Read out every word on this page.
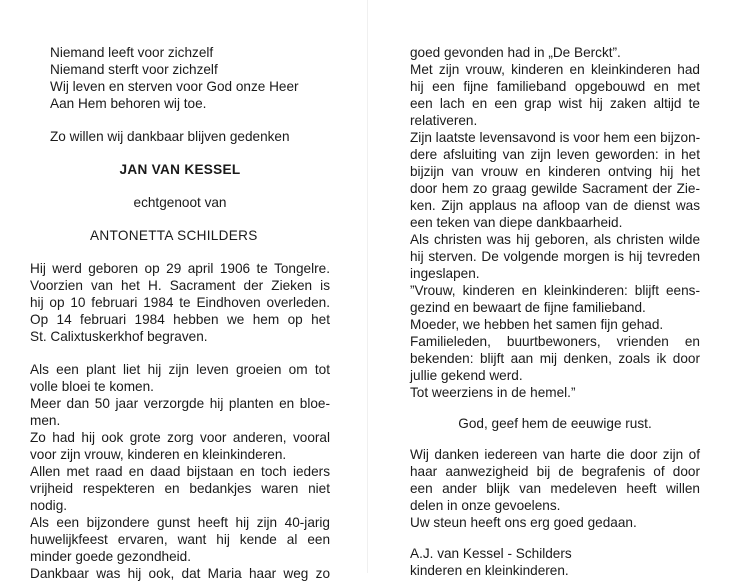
Niemand leeft voor zichzelf
Niemand sterft voor zichzelf
Wij leven en sterven voor God onze Heer
Aan Hem behoren wij toe.
Zo willen wij dankbaar blijven gedenken
JAN VAN KESSEL
echtgenoot van
ANTONETTA SCHILDERS
Hij werd geboren op 29 april 1906 te Tongelre.
Voorzien van het H. Sacrament der Zieken is
hij op 10 februari 1984 te Eindhoven overleden.
Op 14 februari 1984 hebben we hem op het
St. Calixtuskerkhof begraven.
Als een plant liet hij zijn leven groeien om tot
volle bloei te komen.
Meer dan 50 jaar verzorgde hij planten en bloe-
men.
Zo had hij ook grote zorg voor anderen, vooral
voor zijn vrouw, kinderen en kleinkinderen.
Allen met raad en daad bijstaan en toch ieders
vrijheid respekteren en bedankjes waren niet
nodig.
Als een bijzondere gunst heeft hij zijn 40-jarig
huwelijkfeest ervaren, want hij kende al een
minder goede gezondheid.
Dankbaar was hij ook, dat Maria haar weg zo
goed gevonden had in „De Berckt”.
Met zijn vrouw, kinderen en kleinkinderen had
hij een fijne familieband opgebouwd en met
een lach en een grap wist hij zaken altijd te
relativeren.
Zijn laatste levensavond is voor hem een bijzon-
dere afsluiting van zijn leven geworden: in het
bijzijn van vrouw en kinderen ontving hij het
door hem zo graag gewilde Sacrament der Zie-
ken. Zijn applaus na afloop van de dienst was
een teken van diepe dankbaarheid.
Als christen was hij geboren, als christen wilde
hij sterven. De volgende morgen is hij tevreden
ingeslapen.
”Vrouw, kinderen en kleinkinderen: blijft eens-
gezind en bewaart de fijne familieband.
Moeder, we hebben het samen fijn gehad.
Familieleden, buurtbewoners, vrienden en
bekenden: blijft aan mij denken, zoals ik door
jullie gekend werd.
Tot weerziens in de hemel.”
God, geef hem de eeuwige rust.
Wij danken iedereen van harte die door zijn of
haar aanwezigheid bij de begrafenis of door
een ander blijk van medeleven heeft willen
delen in onze gevoelens.
Uw steun heeft ons erg goed gedaan.
A.J. van Kessel - Schilders
kinderen en kleinkinderen.
